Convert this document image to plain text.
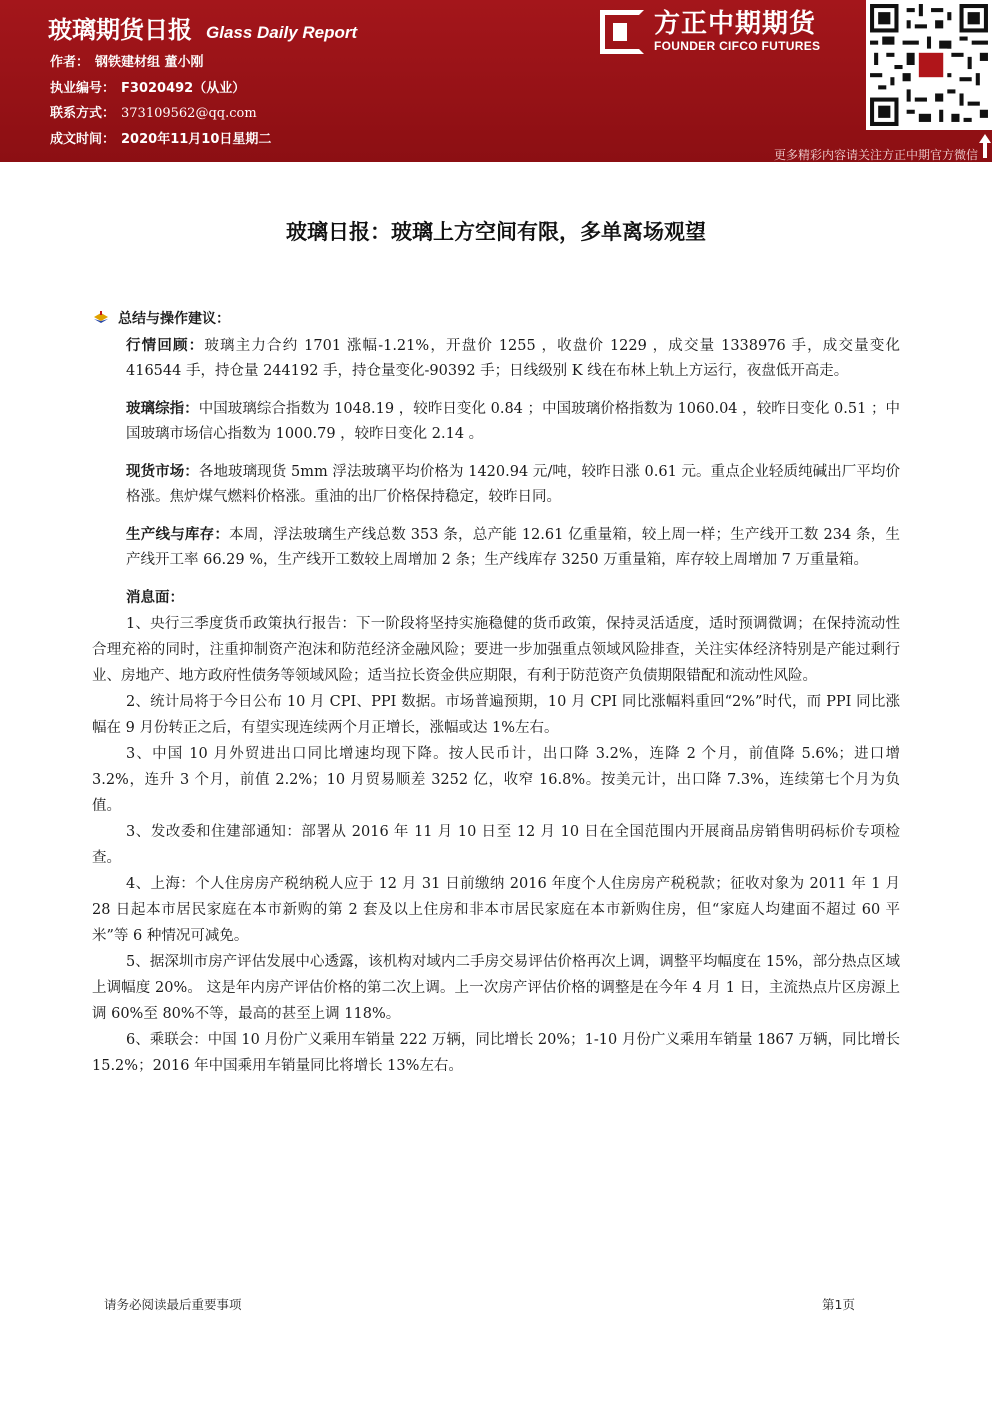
玻璃期货日报 Glass Daily Report
作者： 钢铁建材组 董小刚
执业编号： F3020492（从业）
联系方式： 373109562@qq.com
成文时间： 2020年11月10日星期二
方正中期期货
FOUNDER CIFCO FUTURES
更多精彩内容请关注方正中期官方微信
玻璃日报：玻璃上方空间有限，多单离场观望
总结与操作建议：

行情回顾：玻璃主力合约 1701 涨幅-1.21%，开盘价 1255 ，收盘价 1229 ，成交量 1338976 手，成交量变化 416544 手，持仓量 244192 手，持仓量变化-90392 手；日线级别 K 线在布林上轨上方运行，夜盘低开高走。

玻璃综指：中国玻璃综合指数为 1048.19 ，较昨日变化 0.84 ；中国玻璃价格指数为 1060.04 ，较昨日变化 0.51 ；中国玻璃市场信心指数为 1000.79 ，较昨日变化 2.14 。

现货市场：各地玻璃现货 5mm 浮法玻璃平均价格为 1420.94 元/吨，较昨日涨 0.61 元。重点企业轻质纯碱出厂平均价格涨。焦炉煤气燃料价格涨。重油的出厂价格保持稳定，较昨日同。

生产线与库存：本周，浮法玻璃生产线总数 353 条，总产能 12.61 亿重量箱，较上周一样；生产线开工数 234 条，生产线开工率 66.29 %，生产线开工数较上周增加 2 条；生产线库存 3250 万重量箱，库存较上周增加 7 万重量箱。

消息面：

1、央行三季度货币政策执行报告：下一阶段将坚持实施稳健的货币政策，保持灵活适度，适时预调微调；在保持流动性合理充裕的同时，注重抑制资产泡沫和防范经济金融风险；要进一步加强重点领域风险排查，关注实体经济特别是产能过剩行业、房地产、地方政府性债务等领域风险；适当拉长资金供应期限，有利于防范资产负债期限错配和流动性风险。

2、统计局将于今日公布 10 月 CPI、PPI 数据。市场普遍预期，10 月 CPI 同比涨幅料重回“2%”时代，而 PPI 同比涨幅在 9 月份转正之后，有望实现连续两个月正增长，涨幅或达 1%左右。

3、中国 10 月外贸进出口同比增速均现下降。按人民币计，出口降 3.2%，连降 2 个月，前值降 5.6%；进口增 3.2%，连升 3 个月，前值 2.2%；10 月贸易顺差 3252 亿，收窄 16.8%。按美元计，出口降 7.3%，连续第七个月为负值。

3、发改委和住建部通知：部署从 2016 年 11 月 10 日至 12 月 10 日在全国范围内开展商品房销售明码标价专项检查。

4、上海：个人住房房产税纳税人应于 12 月 31 日前缴纳 2016 年度个人住房房产税税款；征收对象为 2011 年 1 月 28 日起本市居民家庭在本市新购的第 2 套及以上住房和非本市居民家庭在本市新购住房，但“家庭人均建面不超过 60 平米”等 6 种情况可减免。

5、据深圳市房产评估发展中心透露，该机构对域内二手房交易评估价格再次上调，调整平均幅度在 15%，部分热点区域上调幅度 20%。 这是年内房产评估价格的第二次上调。上一次房产评估价格的调整是在今年 4 月 1 日，主流热点片区房源上调 60%至 80%不等，最高的甚至上调 118%。

6、乘联会：中国 10 月份广义乘用车销量 222 万辆，同比增长 20%；1-10 月份广义乘用车销量 1867 万辆，同比增长 15.2%；2016 年中国乘用车销量同比将增长 13%左右。

请务必阅读最后重要事项	第1页
